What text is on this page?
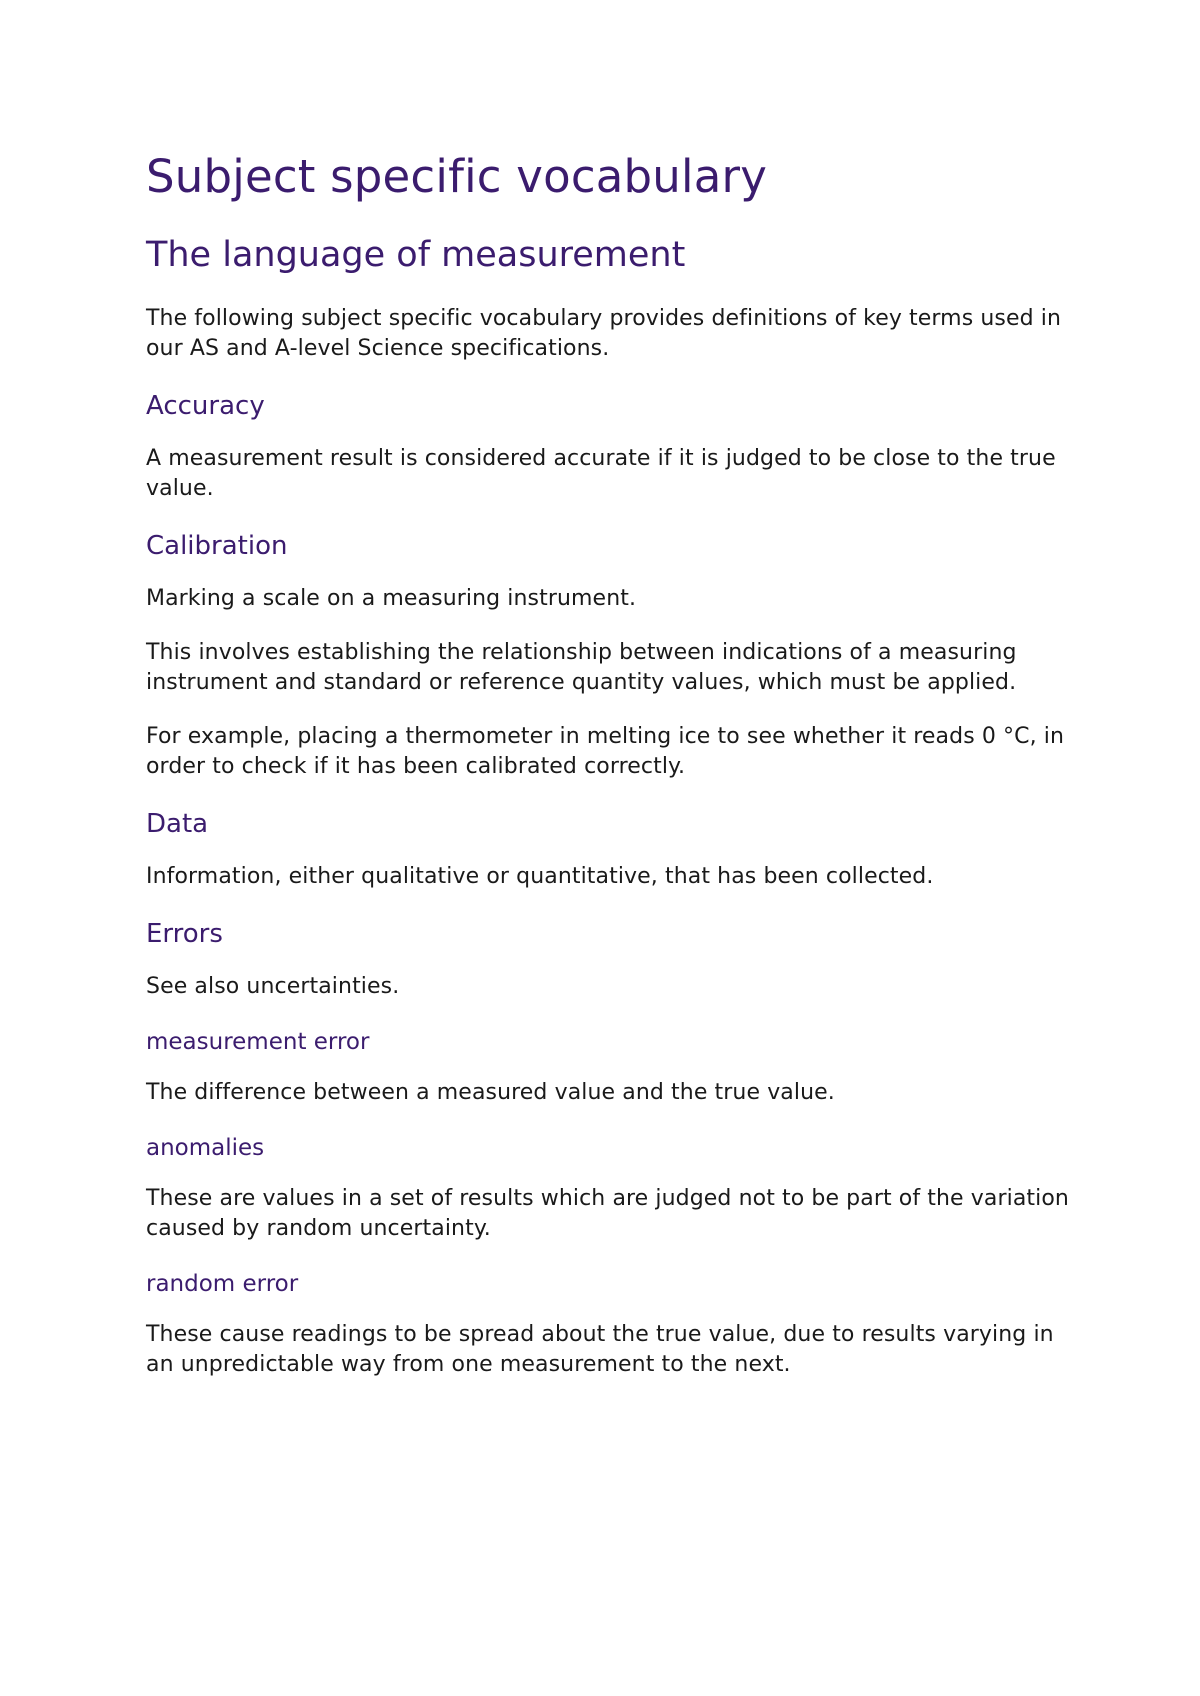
Subject specific vocabulary
The language of measurement

The following subject specific vocabulary provides definitions of key terms used in our AS and A-level Science specifications.

Accuracy

A measurement result is considered accurate if it is judged to be close to the true value.

Calibration

Marking a scale on a measuring instrument.

This involves establishing the relationship between indications of a measuring instrument and standard or reference quantity values, which must be applied.

For example, placing a thermometer in melting ice to see whether it reads 0 °C, in order to check if it has been calibrated correctly.

Data

Information, either qualitative or quantitative, that has been collected.

Errors

See also uncertainties.

measurement error

The difference between a measured value and the true value.

anomalies

These are values in a set of results which are judged not to be part of the variation caused by random uncertainty.

random error

These cause readings to be spread about the true value, due to results varying in an unpredictable way from one measurement to the next.
